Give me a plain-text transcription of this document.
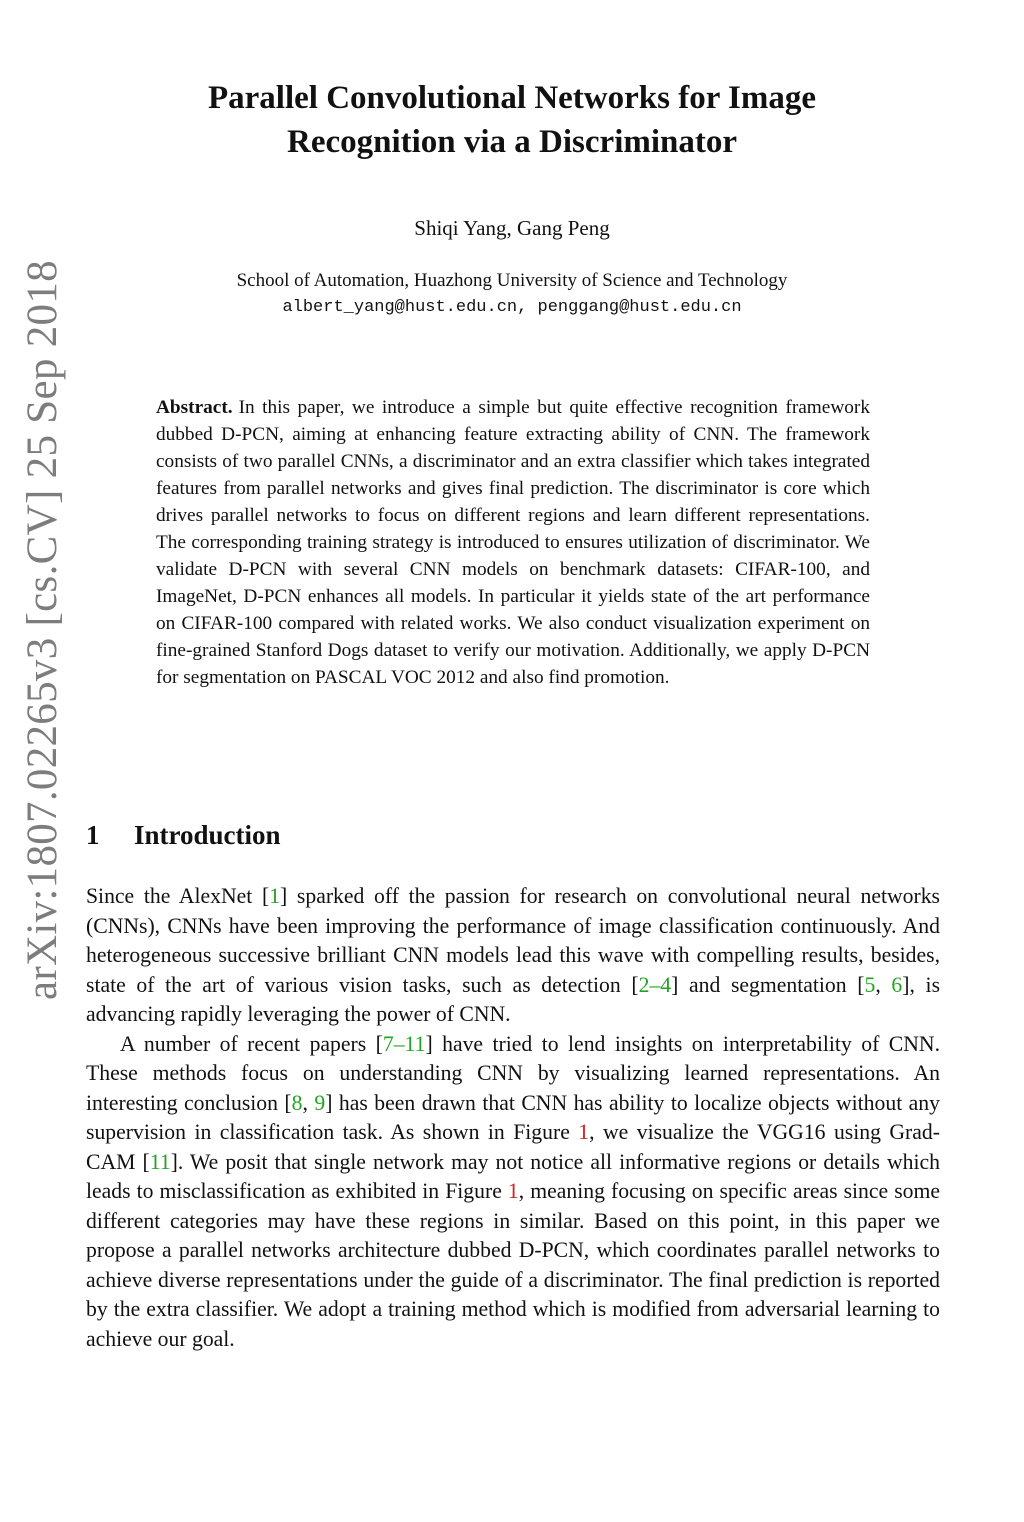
arXiv:1807.02265v3 [cs.CV] 25 Sep 2018
Parallel Convolutional Networks for Image
Recognition via a Discriminator
Shiqi Yang, Gang Peng
School of Automation, Huazhong University of Science and Technology
albert_yang@hust.edu.cn, penggang@hust.edu.cn
Abstract. In this paper, we introduce a simple but quite effective recognition framework dubbed D-PCN, aiming at enhancing feature extracting ability of CNN. The framework consists of two parallel CNNs, a discriminator and an extra classifier which takes integrated features from parallel networks and gives final prediction. The discriminator is core which drives parallel networks to focus on different regions and learn different representations. The corresponding training strategy is introduced to ensures utilization of discriminator. We validate D-PCN with several CNN models on benchmark datasets: CIFAR-100, and ImageNet, D-PCN enhances all models. In particular it yields state of the art performance on CIFAR-100 compared with related works. We also conduct visualization experiment on fine-grained Stanford Dogs dataset to verify our motivation. Additionally, we apply D-PCN for segmentation on PASCAL VOC 2012 and also find promotion.
1 Introduction

Since the AlexNet [1] sparked off the passion for research on convolutional neural networks (CNNs), CNNs have been improving the performance of image classification continuously. And heterogeneous successive brilliant CNN models lead this wave with compelling results, besides, state of the art of various vision tasks, such as detection [2–4] and segmentation [5, 6], is advancing rapidly leveraging the power of CNN.

A number of recent papers [7–11] have tried to lend insights on interpretability of CNN. These methods focus on understanding CNN by visualizing learned representations. An interesting conclusion [8, 9] has been drawn that CNN has ability to localize objects without any supervision in classification task. As shown in Figure 1, we visualize the VGG16 using Grad-CAM [11]. We posit that single network may not notice all informative regions or details which leads to misclassification as exhibited in Figure 1, meaning focusing on specific areas since some different categories may have these regions in similar. Based on this point, in this paper we propose a parallel networks architecture dubbed D-PCN, which coordinates parallel networks to achieve diverse representations under the guide of a discriminator. The final prediction is reported by the extra classifier. We adopt a training method which is modified from adversarial learning to achieve our goal.
